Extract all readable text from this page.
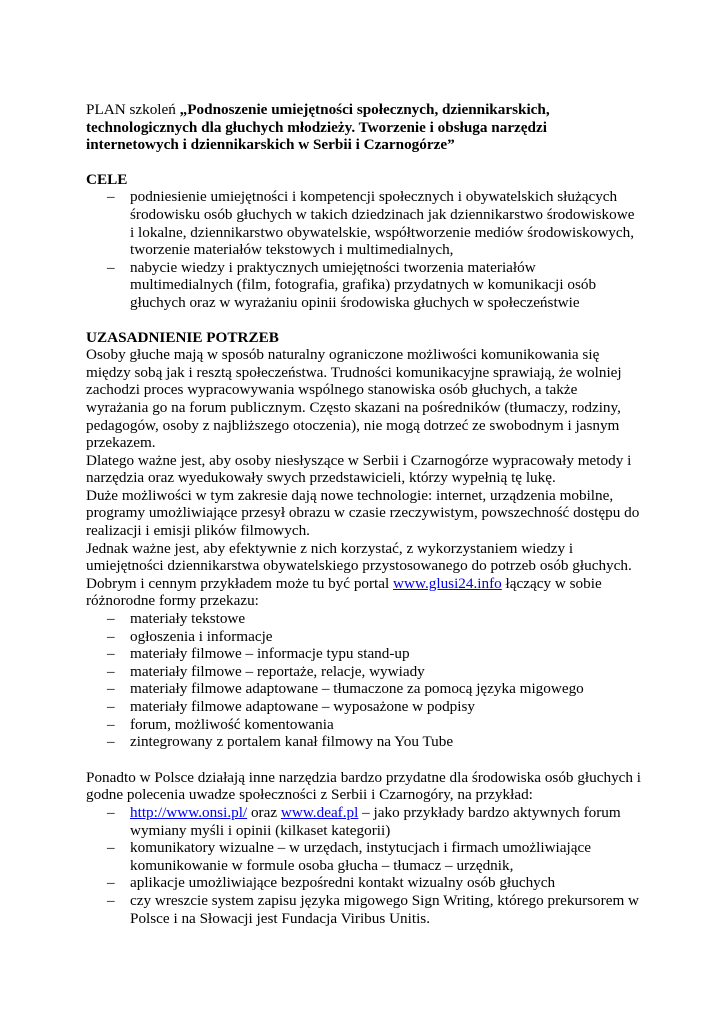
PLAN szkoleń „Podnoszenie umiejętności społecznych, dziennikarskich, technologicznych dla głuchych młodzieży. Tworzenie i obsługa narzędzi internetowych i dziennikarskich w Serbii i Czarnogórze”

CELE

– podniesienie umiejętności i kompetencji społecznych i obywatelskich służących środowisku osób głuchych w takich dziedzinach jak dziennikarstwo środowiskowe i lokalne, dziennikarstwo obywatelskie, współtworzenie mediów środowiskowych, tworzenie materiałów tekstowych i multimedialnych,
– nabycie wiedzy i praktycznych umiejętności tworzenia materiałów multimedialnych (film, fotografia, grafika) przydatnych w komunikacji osób głuchych oraz w wyrażaniu opinii środowiska głuchych w społeczeństwie

UZASADNIENIE POTRZEB

Osoby głuche mają w sposób naturalny ograniczone możliwości komunikowania się między sobą jak i resztą społeczeństwa. Trudności komunikacyjne sprawiają, że wolniej zachodzi proces wypracowywania wspólnego stanowiska osób głuchych, a także wyrażania go na forum publicznym. Często skazani na pośredników (tłumaczy, rodziny, pedagogów, osoby z najbliższego otoczenia), nie mogą dotrzeć ze swobodnym i jasnym przekazem.

Dlatego ważne jest, aby osoby niesłyszące w Serbii i Czarnogórze wypracowały metody i narzędzia oraz wyedukowały swych przedstawicieli, którzy wypełnią tę lukę.

Duże możliwości w tym zakresie dają nowe technologie: internet, urządzenia mobilne, programy umożliwiające przesył obrazu w czasie rzeczywistym, powszechność dostępu do realizacji i emisji plików filmowych.

Jednak ważne jest, aby efektywnie z nich korzystać, z wykorzystaniem wiedzy i umiejętności dziennikarstwa obywatelskiego przystosowanego do potrzeb osób głuchych.

Dobrym i cennym przykładem może tu być portal www.glusi24.info łączący w sobie różnorodne formy przekazu:

– materiały tekstowe
– ogłoszenia i informacje
– materiały filmowe – informacje typu stand-up
– materiały filmowe – reportaże, relacje, wywiady
– materiały filmowe adaptowane – tłumaczone za pomocą języka migowego
– materiały filmowe adaptowane – wyposażone w podpisy
– forum, możliwość komentowania
– zintegrowany z portalem kanał filmowy na You Tube

Ponadto w Polsce działają inne narzędzia bardzo przydatne dla środowiska osób głuchych i godne polecenia uwadze społeczności z Serbii i Czarnogóry, na przykład:

– http://www.onsi.pl/ oraz www.deaf.pl – jako przykłady bardzo aktywnych forum wymiany myśli i opinii (kilkaset kategorii)
– komunikatory wizualne – w urzędach, instytucjach i firmach umożliwiające komunikowanie w formule osoba głucha – tłumacz – urzędnik,
– aplikacje umożliwiające bezpośredni kontakt wizualny osób głuchych
– czy wreszcie system zapisu języka migowego Sign Writing, którego prekursorem w Polsce i na Słowacji jest Fundacja Viribus Unitis.
